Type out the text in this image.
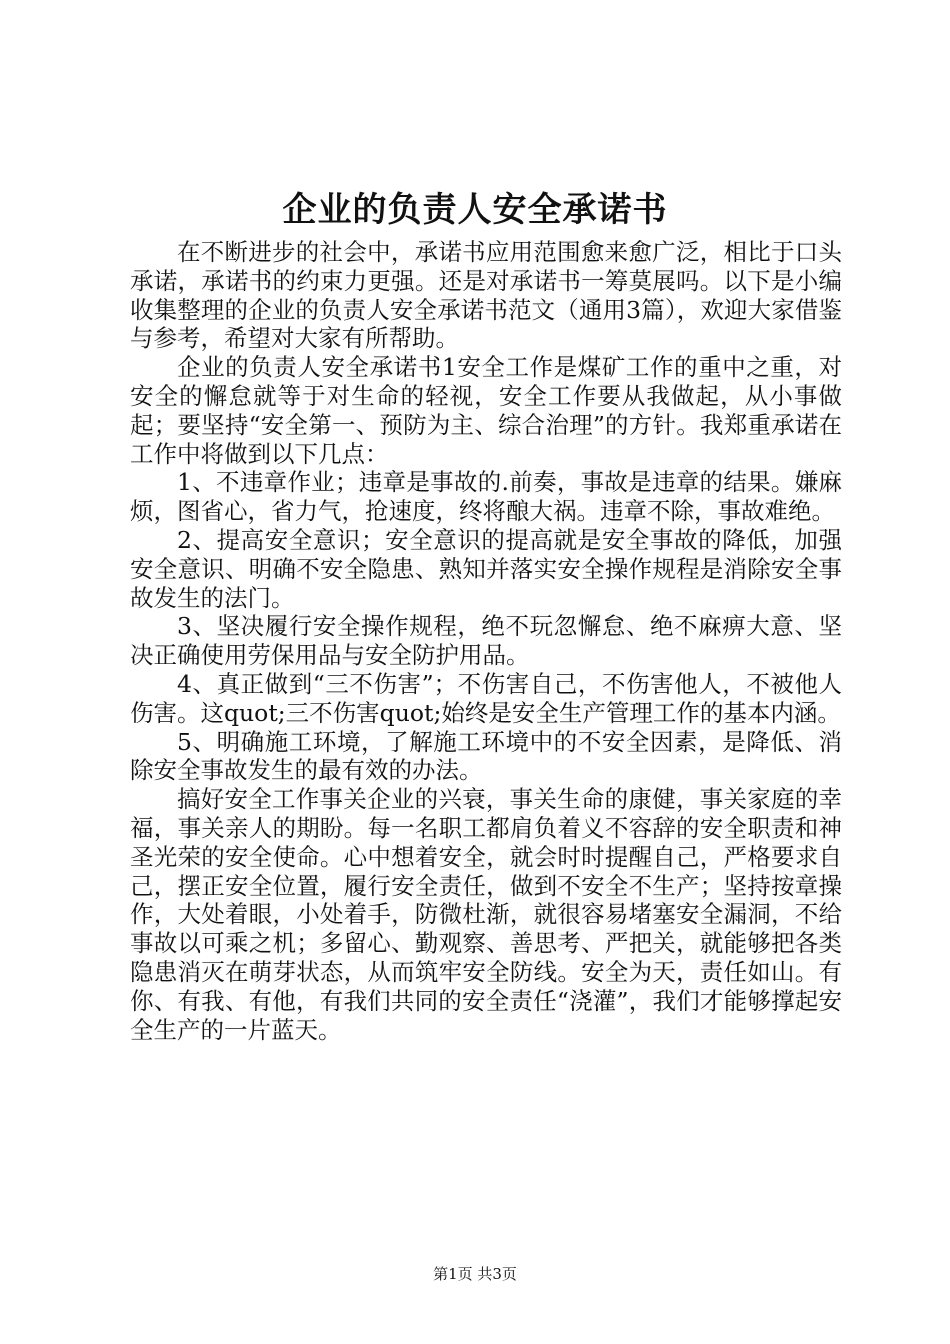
企业的负责人安全承诺书

在不断进步的社会中，承诺书应用范围愈来愈广泛，相比于口头承诺，承诺书的约束力更强。还是对承诺书一筹莫展吗。以下是小编收集整理的企业的负责人安全承诺书范文（通用3篇），欢迎大家借鉴与参考，希望对大家有所帮助。

企业的负责人安全承诺书1安全工作是煤矿工作的重中之重，对安全的懈怠就等于对生命的轻视，安全工作要从我做起，从小事做起；要坚持“安全第一、预防为主、综合治理”的方针。我郑重承诺在工作中将做到以下几点：

1、不违章作业；违章是事故的.前奏，事故是违章的结果。嫌麻烦，图省心，省力气，抢速度，终将酿大祸。违章不除，事故难绝。

2、提高安全意识；安全意识的提高就是安全事故的降低，加强安全意识、明确不安全隐患、熟知并落实安全操作规程是消除安全事故发生的法门。

3、坚决履行安全操作规程，绝不玩忽懈怠、绝不麻痹大意、坚决正确使用劳保用品与安全防护用品。

4、真正做到“三不伤害”；不伤害自己，不伤害他人，不被他人伤害。这quot;三不伤害quot;始终是安全生产管理工作的基本内涵。

5、明确施工环境，了解施工环境中的不安全因素，是降低、消除安全事故发生的最有效的办法。

搞好安全工作事关企业的兴衰，事关生命的康健，事关家庭的幸福，事关亲人的期盼。每一名职工都肩负着义不容辞的安全职责和神圣光荣的安全使命。心中想着安全，就会时时提醒自己，严格要求自己，摆正安全位置，履行安全责任，做到不安全不生产；坚持按章操作，大处着眼，小处着手，防微杜渐，就很容易堵塞安全漏洞，不给事故以可乘之机；多留心、勤观察、善思考、严把关，就能够把各类隐患消灭在萌芽状态，从而筑牢安全防线。安全为天，责任如山。有你、有我、有他，有我们共同的安全责任“浇灌”，我们才能够撑起安全生产的一片蓝天。

第1页 共3页
